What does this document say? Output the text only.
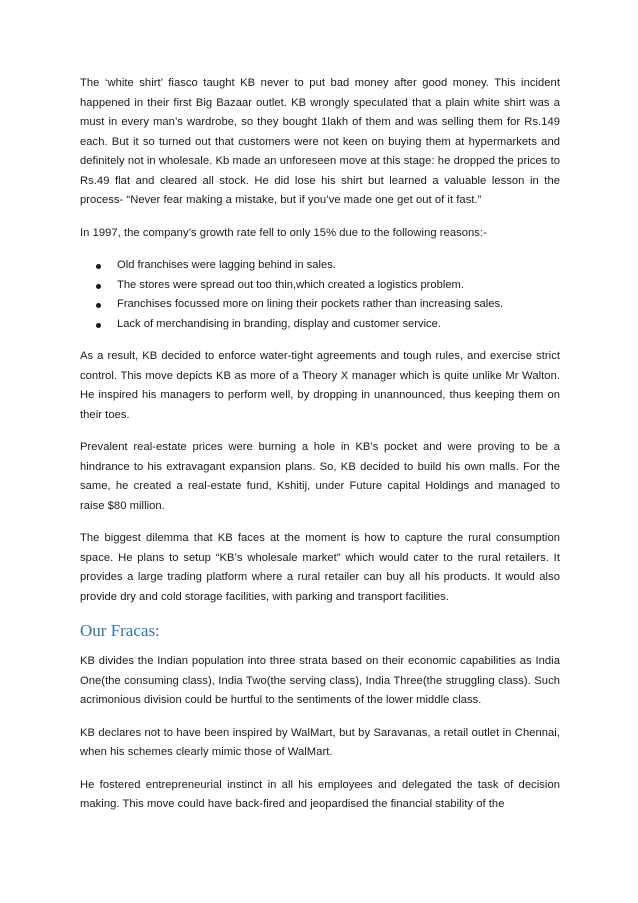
The ‘white shirt’ fiasco taught KB never to put bad money after good money. This incident happened in their first Big Bazaar outlet. KB wrongly speculated that a plain white shirt was a must in every man’s wardrobe, so they bought 1lakh of them and was selling them for Rs.149 each. But it so turned out that customers were not keen on buying them at hypermarkets and definitely not in wholesale. Kb made an unforeseen move at this stage: he dropped the prices to Rs.49 flat and cleared all stock. He did lose his shirt but learned a valuable lesson in the process- “Never fear making a mistake, but if you’ve made one get out of it fast.”

In 1997, the company’s growth rate fell to only 15% due to the following reasons:-

Old franchises were lagging behind in sales.
The stores were spread out too thin,which created a logistics problem.
Franchises focussed more on lining their pockets rather than increasing sales.
Lack of merchandising in branding, display and customer service.

As a result, KB decided to enforce water-tight agreements and tough rules, and exercise strict control. This move depicts KB as more of a Theory X manager which is quite unlike Mr Walton. He inspired his managers to perform well, by dropping in unannounced, thus keeping them on their toes.

Prevalent real-estate prices were burning a hole in KB’s pocket and were proving to be a hindrance to his extravagant expansion plans. So, KB decided to build his own malls. For the same, he created a real-estate fund, Kshitij, under Future capital Holdings and managed to raise $80 million.

The biggest dilemma that KB faces at the moment is how to capture the rural consumption space. He plans to setup “KB’s wholesale market” which would cater to the rural retailers. It provides a large trading platform where a rural retailer can buy all his products. It would also provide dry and cold storage facilities, with parking and transport facilities.

Our Fracas:

KB divides the Indian population into three strata based on their economic capabilities as India One(the consuming class), India Two(the serving class), India Three(the struggling class). Such acrimonious division could be hurtful to the sentiments of the lower middle class.

KB declares not to have been inspired by WalMart, but by Saravanas, a retail outlet in Chennai, when his schemes clearly mimic those of WalMart.

He fostered entrepreneurial instinct in all his employees and delegated the task of decision making. This move could have back-fired and jeopardised the financial stability of the
